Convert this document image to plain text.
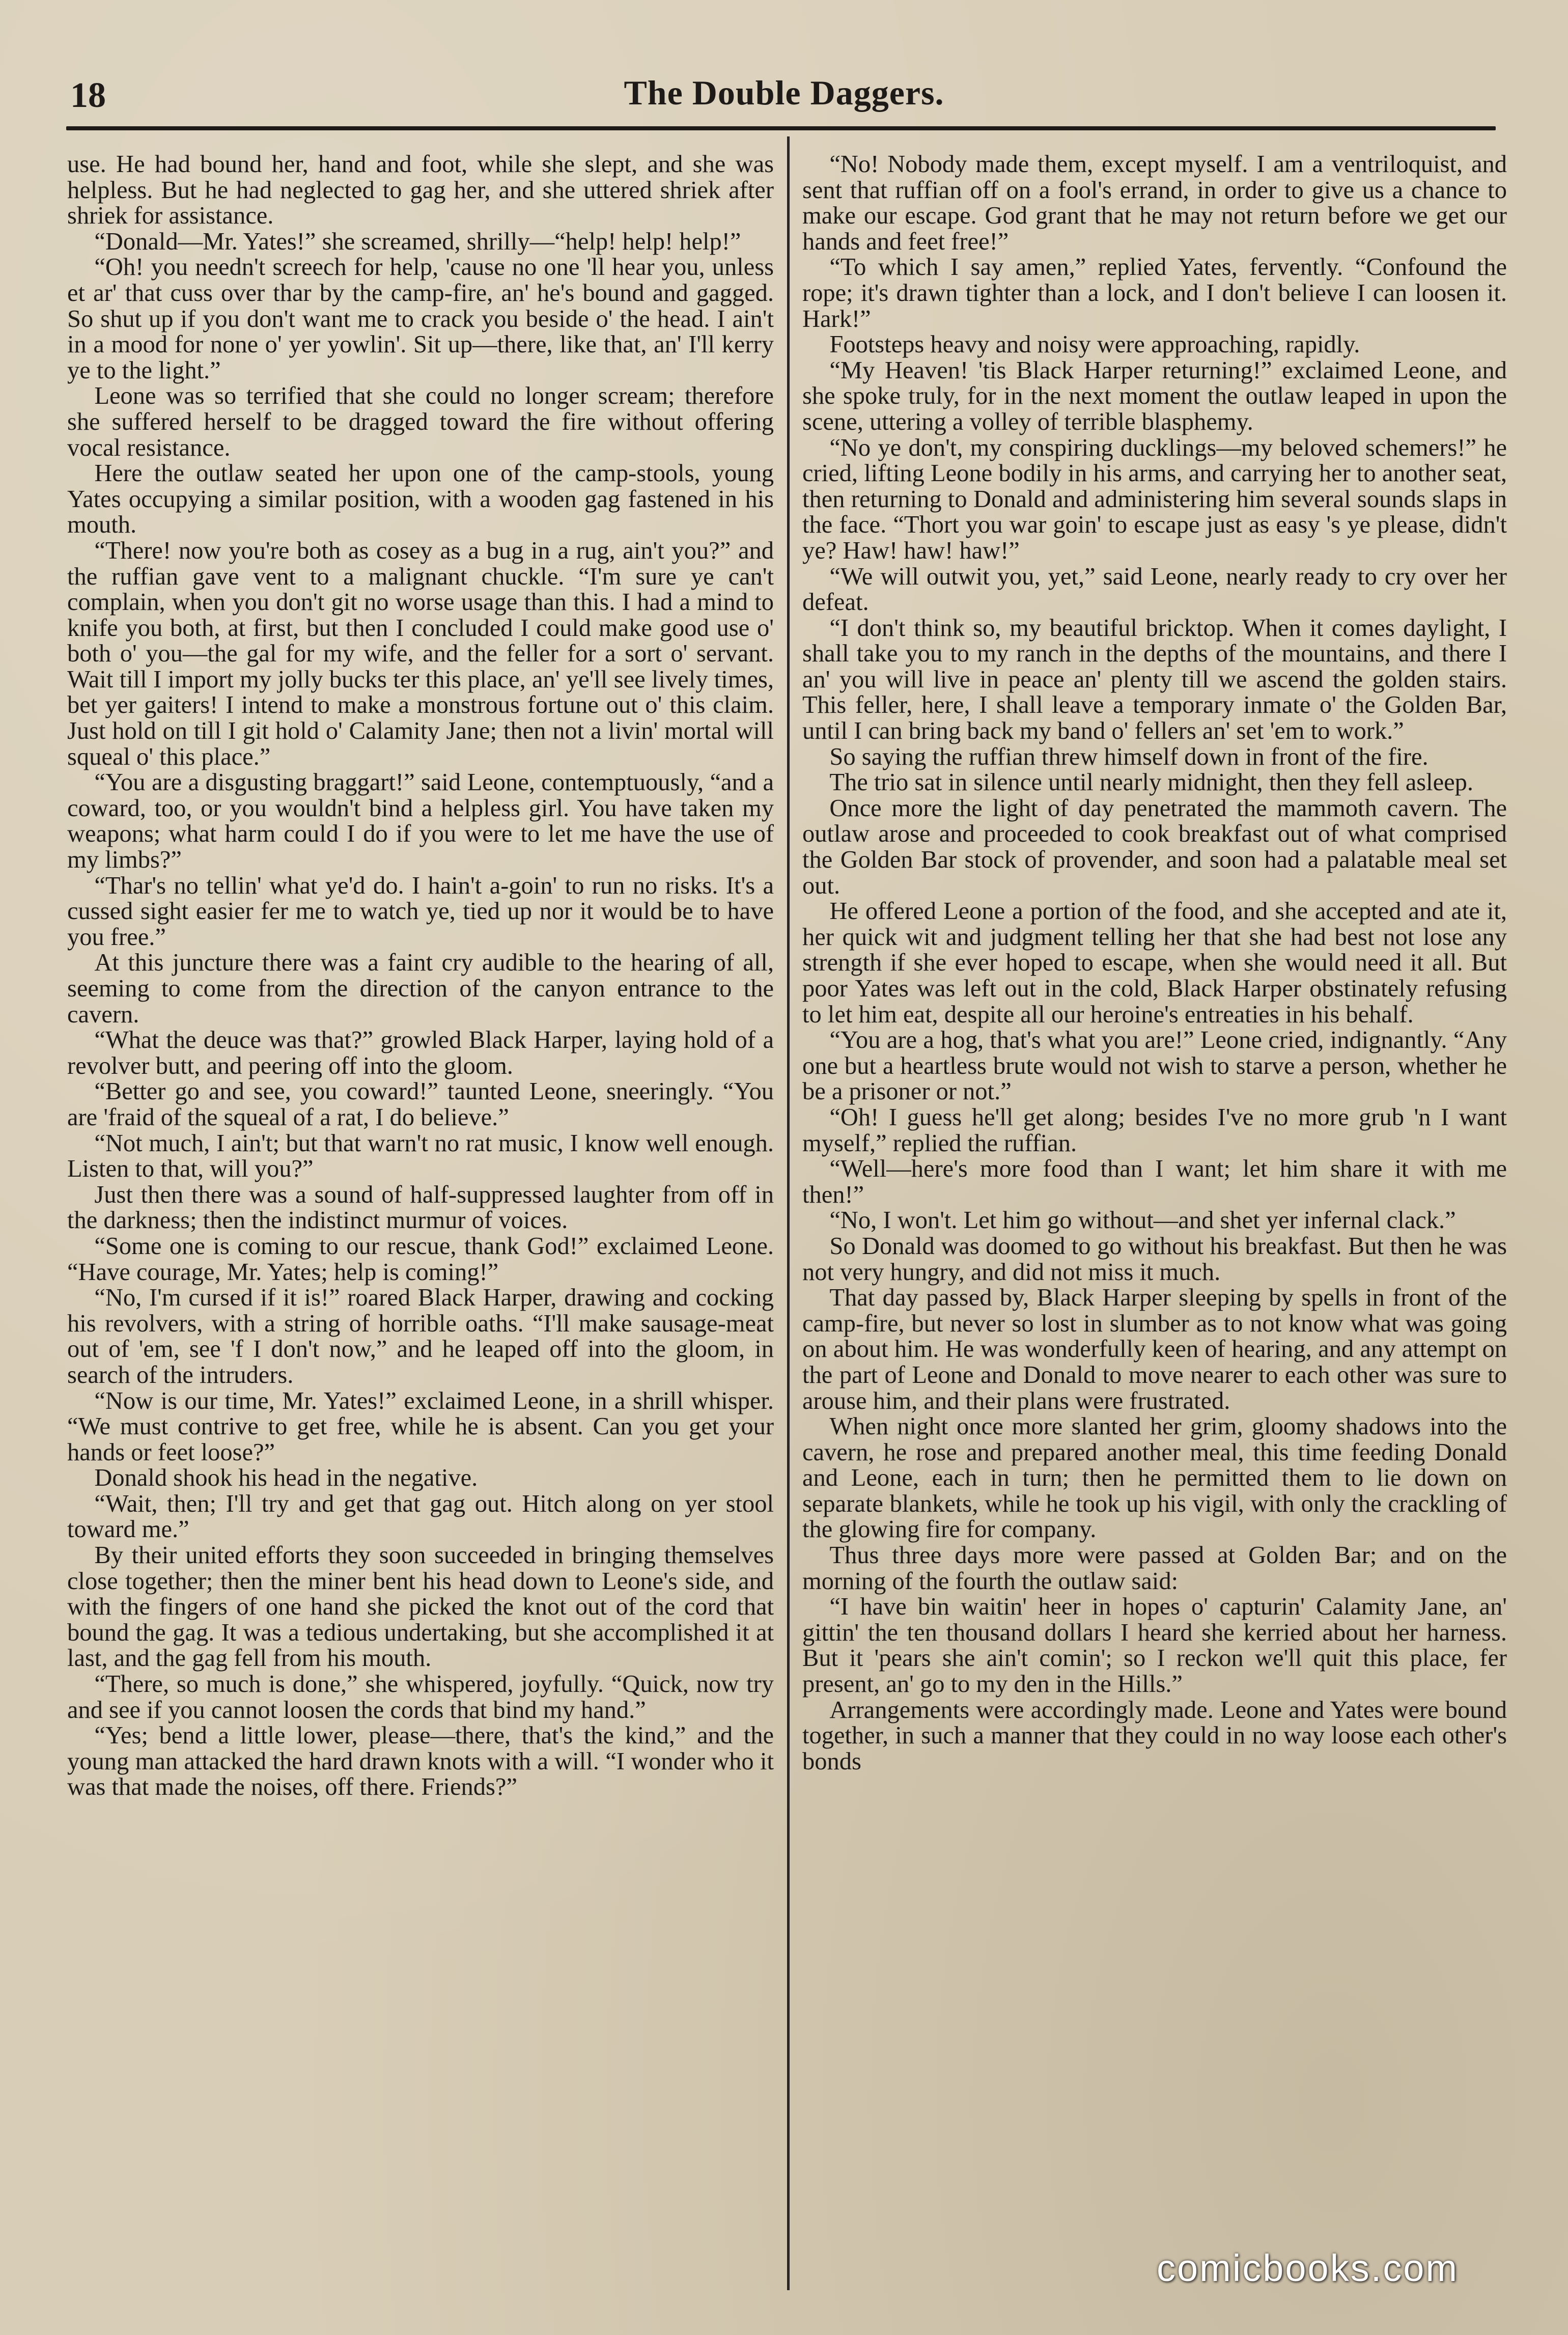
18	The Double Daggers.

use. He had bound her, hand and foot, while she slept, and she was helpless. But he had neglected to gag her, and she uttered shriek after shriek for assistance.

“Donald—Mr. Yates!” she screamed, shrilly—“help! help! help!”

“Oh! you needn't screech for help, 'cause no one 'll hear you, unless et ar' that cuss over thar by the camp-fire, an' he's bound and gagged. So shut up if you don't want me to crack you beside o' the head. I ain't in a mood for none o' yer yowlin'. Sit up—there, like that, an' I'll kerry ye to the light.”

Leone was so terrified that she could no longer scream; therefore she suffered herself to be dragged toward the fire without offering vocal resistance.

Here the outlaw seated her upon one of the camp-stools, young Yates occupying a similar position, with a wooden gag fastened in his mouth.

“There! now you're both as cosey as a bug in a rug, ain't you?” and the ruffian gave vent to a malignant chuckle. “I'm sure ye can't complain, when you don't git no worse usage than this. I had a mind to knife you both, at first, but then I concluded I could make good use o' both o' you—the gal for my wife, and the feller for a sort o' servant. Wait till I import my jolly bucks ter this place, an' ye'll see lively times, bet yer gaiters! I intend to make a monstrous fortune out o' this claim. Just hold on till I git hold o' Calamity Jane; then not a livin' mortal will squeal o' this place.”

“You are a disgusting braggart!” said Leone, contemptuously, “and a coward, too, or you wouldn't bind a helpless girl. You have taken my weapons; what harm could I do if you were to let me have the use of my limbs?”

“Thar's no tellin' what ye'd do. I hain't a-goin' to run no risks. It's a cussed sight easier fer me to watch ye, tied up nor it would be to have you free.”

At this juncture there was a faint cry audible to the hearing of all, seeming to come from the direction of the canyon entrance to the cavern.

“What the deuce was that?” growled Black Harper, laying hold of a revolver butt, and peering off into the gloom.

“Better go and see, you coward!” taunted Leone, sneeringly. “You are 'fraid of the squeal of a rat, I do believe.”

“Not much, I ain't; but that warn't no rat music, I know well enough. Listen to that, will you?”

Just then there was a sound of half-suppressed laughter from off in the darkness; then the indistinct murmur of voices.

“Some one is coming to our rescue, thank God!” exclaimed Leone. “Have courage, Mr. Yates; help is coming!”

“No, I'm cursed if it is!” roared Black Harper, drawing and cocking his revolvers, with a string of horrible oaths. “I'll make sausage-meat out of 'em, see 'f I don't now,” and he leaped off into the gloom, in search of the intruders.

“Now is our time, Mr. Yates!” exclaimed Leone, in a shrill whisper. “We must contrive to get free, while he is absent. Can you get your hands or feet loose?”

Donald shook his head in the negative.

“Wait, then; I'll try and get that gag out. Hitch along on yer stool toward me.”

By their united efforts they soon succeeded in bringing themselves close together; then the miner bent his head down to Leone's side, and with the fingers of one hand she picked the knot out of the cord that bound the gag. It was a tedious undertaking, but she accomplished it at last, and the gag fell from his mouth.

“There, so much is done,” she whispered, joyfully. “Quick, now try and see if you cannot loosen the cords that bind my hand.”

“Yes; bend a little lower, please—there, that's the kind,” and the young man attacked the hard drawn knots with a will. “I wonder who it was that made the noises, off there. Friends?”

“No! Nobody made them, except myself. I am a ventriloquist, and sent that ruffian off on a fool's errand, in order to give us a chance to make our escape. God grant that he may not return before we get our hands and feet free!”

“To which I say amen,” replied Yates, fervently. “Confound the rope; it's drawn tighter than a lock, and I don't believe I can loosen it. Hark!”

Footsteps heavy and noisy were approaching, rapidly.

“My Heaven! 'tis Black Harper returning!” exclaimed Leone, and she spoke truly, for in the next moment the outlaw leaped in upon the scene, uttering a volley of terrible blasphemy.

“No ye don't, my conspiring ducklings—my beloved schemers!” he cried, lifting Leone bodily in his arms, and carrying her to another seat, then returning to Donald and administering him several sounds slaps in the face. “Thort you war goin' to escape just as easy 's ye please, didn't ye? Haw! haw! haw!”

“We will outwit you, yet,” said Leone, nearly ready to cry over her defeat.

“I don't think so, my beautiful bricktop. When it comes daylight, I shall take you to my ranch in the depths of the mountains, and there I an' you will live in peace an' plenty till we ascend the golden stairs. This feller, here, I shall leave a temporary inmate o' the Golden Bar, until I can bring back my band o' fellers an' set 'em to work.”

So saying the ruffian threw himself down in front of the fire.

The trio sat in silence until nearly midnight, then they fell asleep.

Once more the light of day penetrated the mammoth cavern. The outlaw arose and proceeded to cook breakfast out of what comprised the Golden Bar stock of provender, and soon had a palatable meal set out.

He offered Leone a portion of the food, and she accepted and ate it, her quick wit and judgment telling her that she had best not lose any strength if she ever hoped to escape, when she would need it all. But poor Yates was left out in the cold, Black Harper obstinately refusing to let him eat, despite all our heroine's entreaties in his behalf.

“You are a hog, that's what you are!” Leone cried, indignantly. “Any one but a heartless brute would not wish to starve a person, whether he be a prisoner or not.”

“Oh! I guess he'll get along; besides I've no more grub 'n I want myself,” replied the ruffian.

“Well—here's more food than I want; let him share it with me then!”

“No, I won't. Let him go without—and shet yer infernal clack.”

So Donald was doomed to go without his breakfast. But then he was not very hungry, and did not miss it much.

That day passed by, Black Harper sleeping by spells in front of the camp-fire, but never so lost in slumber as to not know what was going on about him. He was wonderfully keen of hearing, and any attempt on the part of Leone and Donald to move nearer to each other was sure to arouse him, and their plans were frustrated.

When night once more slanted her grim, gloomy shadows into the cavern, he rose and prepared another meal, this time feeding Donald and Leone, each in turn; then he permitted them to lie down on separate blankets, while he took up his vigil, with only the crackling of the glowing fire for company.

Thus three days more were passed at Golden Bar; and on the morning of the fourth the outlaw said:

“I have bin waitin' heer in hopes o' capturin' Calamity Jane, an' gittin' the ten thousand dollars I heard she kerried about her harness. But it 'pears she ain't comin'; so I reckon we'll quit this place, fer present, an' go to my den in the Hills.”

Arrangements were accordingly made. Leone and Yates were bound together, in such a manner that they could in no way loose each other's bonds

comicbooks.com
